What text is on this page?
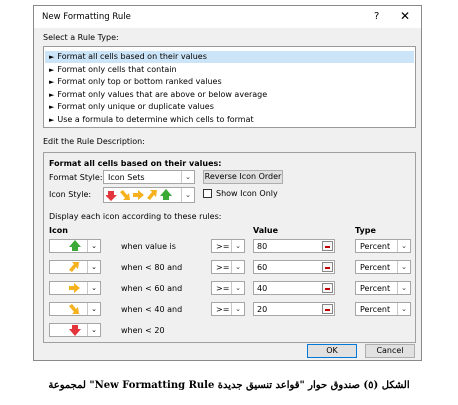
New Formatting Rule	? ✕
Select a Rule Type:
► Format all cells based on their values
► Format only cells that contain
► Format only top or bottom ranked values
► Format only values that are above or below average
► Format only unique or duplicate values
► Use a formula to determine which cells to format
Edit the Rule Description:
Format all cells based on their values:
Format Style: Icon Sets	⌄	Reverse Icon Order
Icon Style:	⌄	Show Icon Only
Display each icon according to these rules:
Icon	Value	Type
⌄	when value is	>= ⌄	80	Percent	⌄
⌄	when < 80 and	>= ⌄	60	Percent	⌄
⌄	when < 60 and	>= ⌄	40	Percent	⌄
⌄	when < 40 and	>= ⌄	20	Percent	⌄
⌄	when < 20
OK	Cancel
الشكل (٥) صندوق حوار "قواعد تنسيق جديدة New Formatting Rule" لمجموعة
